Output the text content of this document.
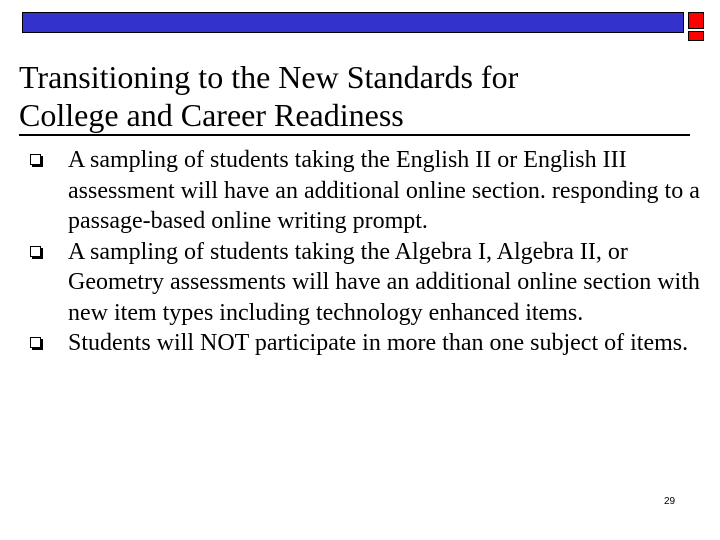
Transitioning to the New Standards for
College and Career Readiness
A sampling of students taking the English II or English III assessment will have an additional online section. responding to a passage-based online writing prompt.
A sampling of students taking the Algebra I, Algebra II, or Geometry assessments will have an additional online section with new item types including technology enhanced items.
Students will NOT participate in more than one subject of items.
29
